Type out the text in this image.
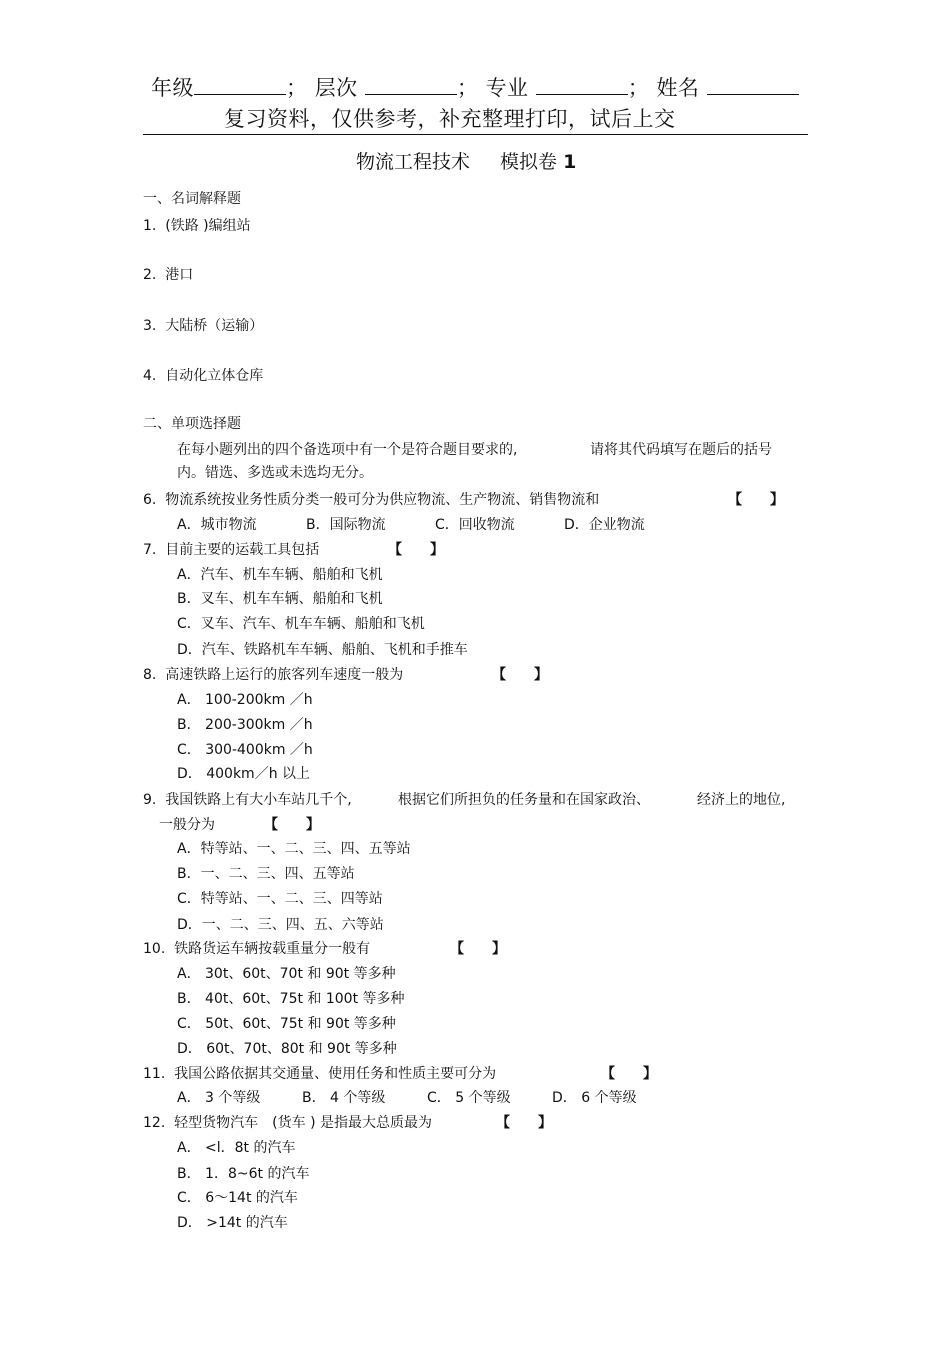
年级	； 层次	； 专业	； 姓名
复习资料，仅供参考，补充整理打印，试后上交
物流工程技术 模拟卷 1
一、名词解释题
1. (铁路 )编组站
2. 港口
3. 大陆桥（运输）
4. 自动化立体仓库
二、单项选择题
在每小题列出的四个备选项中有一个是符合题目要求的,	请将其代码填写在题后的括号
内。错选、多选或未选均无分。
6. 物流系统按业务性质分类一般可分为供应物流、生产物流、销售物流和	【　　】
A．城市物流	B．国际物流	C．回收物流	D．企业物流
7. 目前主要的运载工具包括	【　　】
A．汽车、机车车辆、船舶和飞机
B．叉车、机车车辆、船舶和飞机
C．叉车、汽车、机车车辆、船舶和飞机
D．汽车、铁路机车车辆、船舶、飞机和手推车
8. 高速铁路上运行的旅客列车速度一般为	【　　】
A． 100-200km ／h
B． 200-300km ／h
C． 300-400km ／h
D． 400km／h 以上
9. 我国铁路上有大小车站几千个,	根据它们所担负的任务量和在国家政治、	经济上的地位,
一般分为	【　　】
A．特等站、一、二、三、四、五等站
B．一、二、三、四、五等站
C．特等站、一、二、三、四等站
D．一、二、三、四、五、六等站
10. 铁路货运车辆按载重量分一般有	【　　】
A． 30t、60t、70t 和 90t 等多种
B． 40t、60t、75t 和 100t 等多种
C． 50t、60t、75t 和 90t 等多种
D． 60t、70t、80t 和 90t 等多种
11. 我国公路依据其交通量、使用任务和性质主要可分为	【　　】
A． 3 个等级	B． 4 个等级	C． 5 个等级	D． 6 个等级
12. 轻型货物汽车　(货车 ) 是指最大总质最为	【　　】
A． <l．8t 的汽车
B． 1．8~6t 的汽车
C． 6～14t 的汽车
D． >14t 的汽车
